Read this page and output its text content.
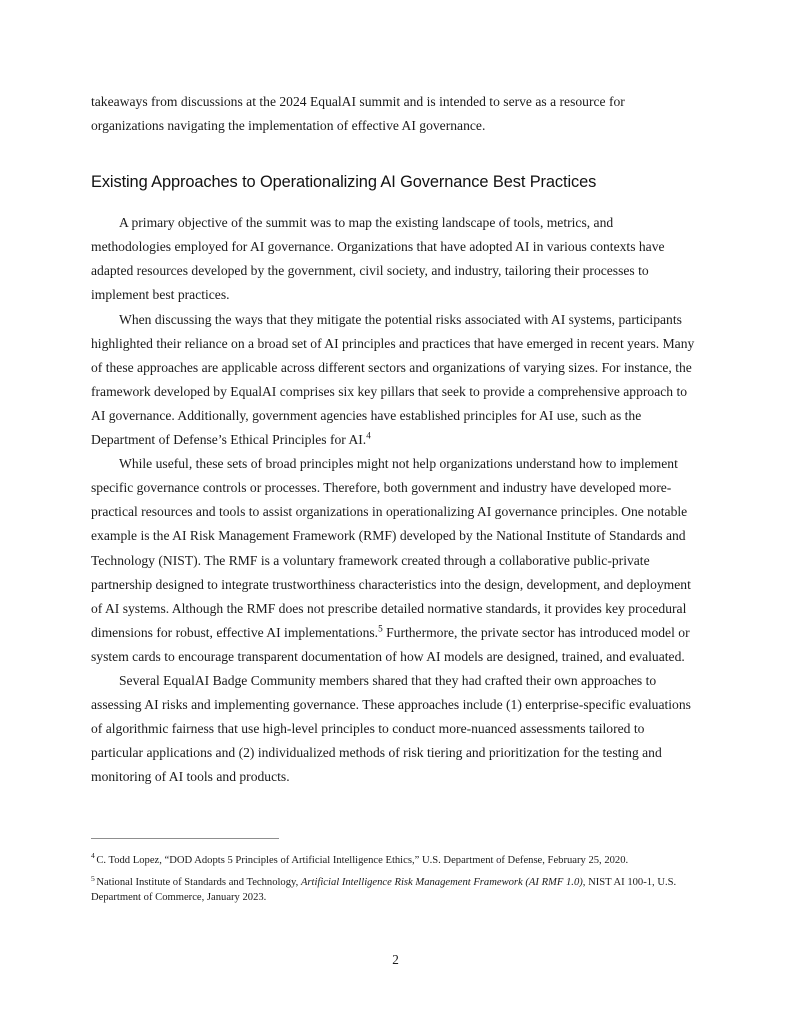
takeaways from discussions at the 2024 EqualAI summit and is intended to serve as a resource for organizations navigating the implementation of effective AI governance.

Existing Approaches to Operationalizing AI Governance Best Practices

A primary objective of the summit was to map the existing landscape of tools, metrics, and methodologies employed for AI governance. Organizations that have adopted AI in various contexts have adapted resources developed by the government, civil society, and industry, tailoring their processes to implement best practices.

When discussing the ways that they mitigate the potential risks associated with AI systems, participants highlighted their reliance on a broad set of AI principles and practices that have emerged in recent years. Many of these approaches are applicable across different sectors and organizations of varying sizes. For instance, the framework developed by EqualAI comprises six key pillars that seek to provide a comprehensive approach to AI governance. Additionally, government agencies have established principles for AI use, such as the Department of Defense’s Ethical Principles for AI.$^4$

While useful, these sets of broad principles might not help organizations understand how to implement specific governance controls or processes. Therefore, both government and industry have developed more-practical resources and tools to assist organizations in operationalizing AI governance principles. One notable example is the AI Risk Management Framework (RMF) developed by the National Institute of Standards and Technology (NIST). The RMF is a voluntary framework created through a collaborative public-private partnership designed to integrate trustworthiness characteristics into the design, development, and deployment of AI systems. Although the RMF does not prescribe detailed normative standards, it provides key procedural dimensions for robust, effective AI implementations.$^5$ Furthermore, the private sector has introduced model or system cards to encourage transparent documentation of how AI models are designed, trained, and evaluated.

Several EqualAI Badge Community members shared that they had crafted their own approaches to assessing AI risks and implementing governance. These approaches include (1) enterprise-specific evaluations of algorithmic fairness that use high-level principles to conduct more-nuanced assessments tailored to particular applications and (2) individualized methods of risk tiering and prioritization for the testing and monitoring of AI tools and products.

$^4$ C. Todd Lopez, “DOD Adopts 5 Principles of Artificial Intelligence Ethics,” U.S. Department of Defense, February 25, 2020.

$^5$ National Institute of Standards and Technology, Artificial Intelligence Risk Management Framework (AI RMF 1.0), NIST AI 100-1, U.S. Department of Commerce, January 2023.

2
